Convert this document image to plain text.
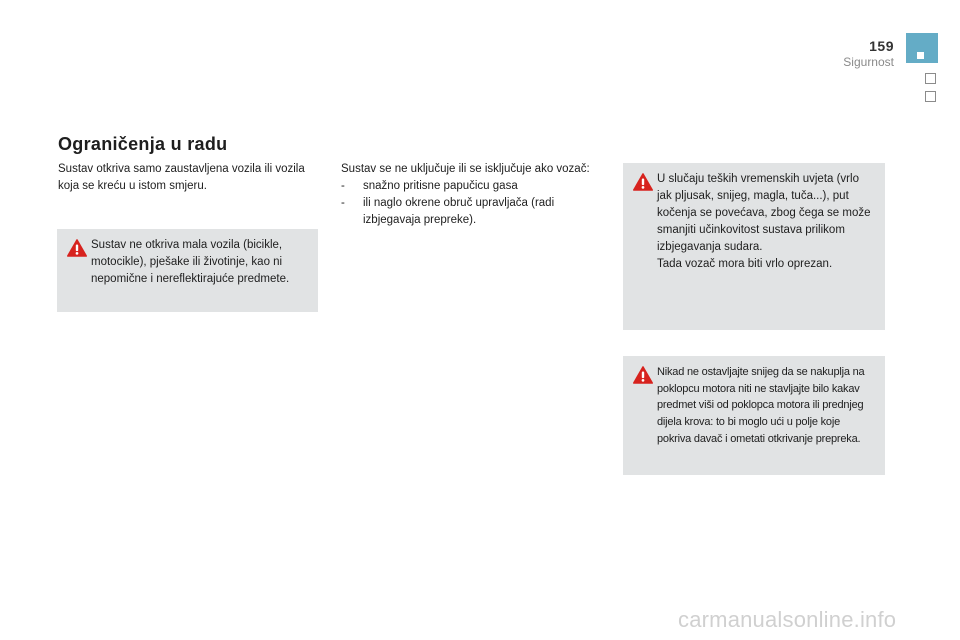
159
Sigurnost
Ograničenja u radu

Sustav otkriva samo zaustavljena vozila ili vozila koja se kreću u istom smjeru.

Sustav ne otkriva mala vozila (bicikle, motocikle), pješake ili životinje, kao ni nepomične i nereflektirajuće predmete.

Sustav se ne uključuje ili se isključuje ako vozač:

-	snažno pritisne papučicu gasa
-	ili naglo okrene obruč upravljača (radi izbjegavaja prepreke).

U slučaju teških vremenskih uvjeta (vrlo jak pljusak, snijeg, magla, tuča...), put kočenja se povećava, zbog čega se može smanjiti učinkovitost sustava prilikom izbjegavanja sudara.

Tada vozač mora biti vrlo oprezan.

Nikad ne ostavljajte snijeg da se nakuplja na poklopcu motora niti ne stavljajte bilo kakav predmet viši od poklopca motora ili prednjeg dijela krova: to bi moglo ući u polje koje pokriva davač i ometati otkrivanje prepreka.

carmanualsonline.info
